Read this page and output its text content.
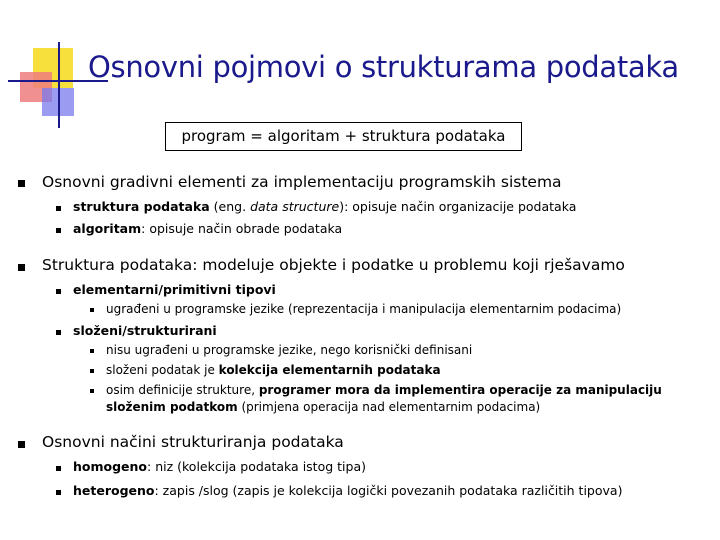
Osnovni pojmovi o strukturama podataka
program = algoritam + struktura podataka
Osnovni gradivni elementi za implementaciju programskih sistema
struktura podataka (eng. data structure): opisuje način organizacije podataka
algoritam: opisuje način obrade podataka
Struktura podataka: modeluje objekte i podatke u problemu koji rješavamo
elementarni/primitivni tipovi
ugrađeni u programske jezike (reprezentacija i manipulacija elementarnim podacima)
složeni/strukturirani
nisu ugrađeni u programske jezike, nego korisnički definisani
složeni podatak je kolekcija elementarnih podataka
osim definicije strukture, programer mora da implementira operacije za manipulaciju
složenim podatkom (primjena operacija nad elementarnim podacima)
Osnovni načini strukturiranja podataka
homogeno: niz (kolekcija podataka istog tipa)
heterogeno: zapis /slog (zapis je kolekcija logički povezanih podataka različitih tipova)
